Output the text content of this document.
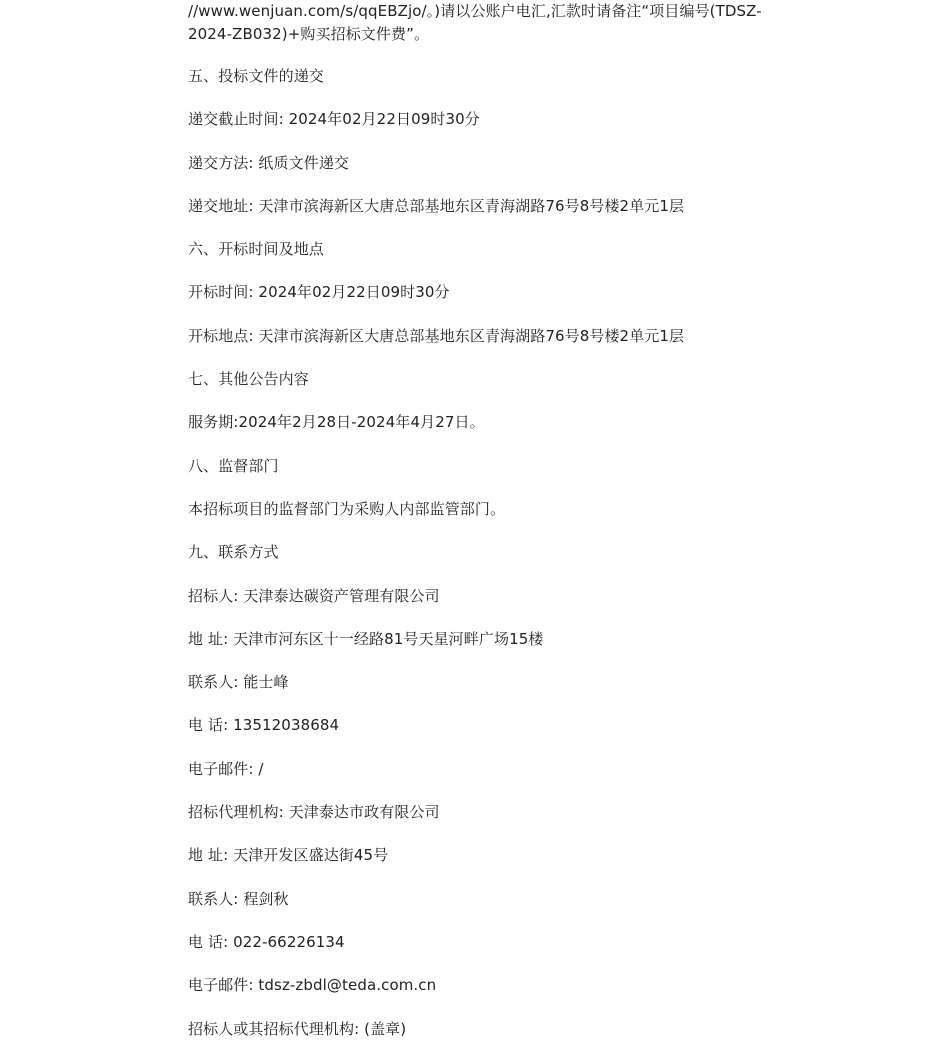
//www.wenjuan.com/s/qqEBZjo/。)请以公账户电汇,汇款时请备注“项目编号(TDSZ-2024-ZB032)+购买招标文件费”。

五、投标文件的递交

递交截止时间: 2024年02月22日09时30分

递交方法: 纸质文件递交

递交地址: 天津市滨海新区大唐总部基地东区青海湖路76号8号楼2单元1层

六、开标时间及地点

开标时间: 2024年02月22日09时30分

开标地点: 天津市滨海新区大唐总部基地东区青海湖路76号8号楼2单元1层

七、其他公告内容

服务期:2024年2月28日-2024年4月27日。

八、监督部门

本招标项目的监督部门为采购人内部监管部门。

九、联系方式

招标人: 天津泰达碳资产管理有限公司

地 址: 天津市河东区十一经路81号天星河畔广场15楼

联系人: 能士峰

电 话: 13512038684

电子邮件: /

招标代理机构: 天津泰达市政有限公司

地 址: 天津开发区盛达街45号

联系人: 程剑秋

电 话: 022-66226134

电子邮件: tdsz-zbdl@teda.com.cn

招标人或其招标代理机构: (盖章)
